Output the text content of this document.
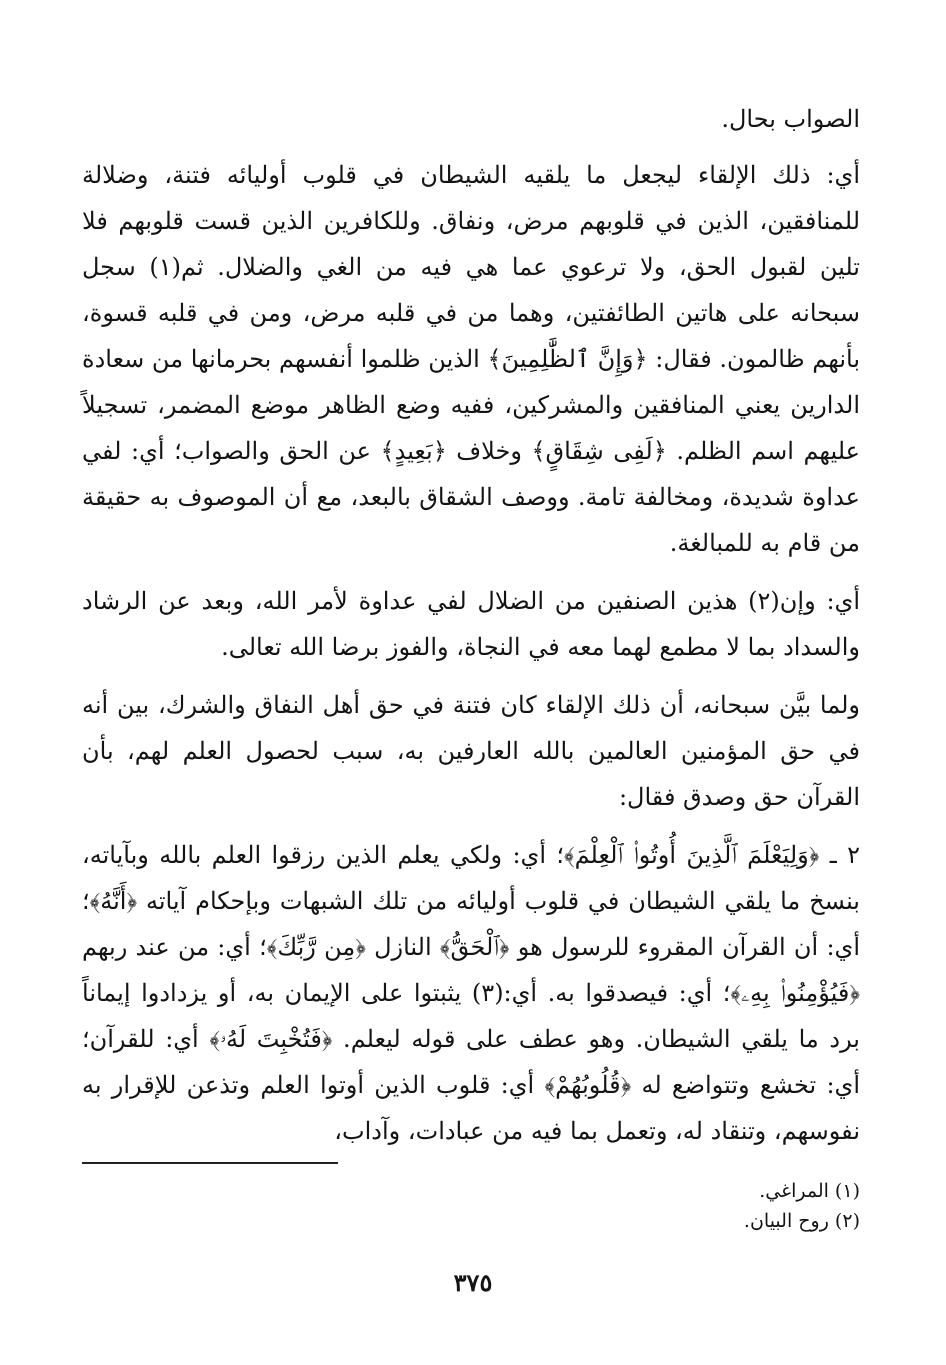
الصواب بحال.

أي: ذلك الإلقاء ليجعل ما يلقيه الشيطان في قلوب أوليائه فتنة، وضلالة للمنافقين، الذين في قلوبهم مرض، ونفاق. وللكافرين الذين قست قلوبهم فلا تلين لقبول الحق، ولا ترعوي عما هي فيه من الغي والضلال. ثم(١) سجل سبحانه على هاتين الطائفتين، وهما من في قلبه مرض، ومن في قلبه قسوة، بأنهم ظالمون. فقال: ﴿وَإِنَّ ٱلظَّٰلِمِينَ﴾ الذين ظلموا أنفسهم بحرمانها من سعادة الدارين يعني المنافقين والمشركين، ففيه وضع الظاهر موضع المضمر، تسجيلاً عليهم اسم الظلم. ﴿لَفِى شِقَاقٍ﴾ وخلاف ﴿بَعِيدٍ﴾ عن الحق والصواب؛ أي: لفي عداوة شديدة، ومخالفة تامة. ووصف الشقاق بالبعد، مع أن الموصوف به حقيقة من قام به للمبالغة.

أي: وإن(٢) هذين الصنفين من الضلال لفي عداوة لأمر الله، وبعد عن الرشاد والسداد بما لا مطمع لهما معه في النجاة، والفوز برضا الله تعالى.

ولما بيَّن سبحانه، أن ذلك الإلقاء كان فتنة في حق أهل النفاق والشرك، بين أنه في حق المؤمنين العالمين بالله العارفين به، سبب لحصول العلم لهم، بأن القرآن حق وصدق فقال:

٢ ـ ﴿وَلِيَعْلَمَ ٱلَّذِينَ أُوتُوا۟ ٱلْعِلْمَ﴾؛ أي: ولكي يعلم الذين رزقوا العلم بالله وبآياته، بنسخ ما يلقي الشيطان في قلوب أوليائه من تلك الشبهات وبإحكام آياته ﴿أَنَّهُ﴾؛ أي: أن القرآن المقروء للرسول هو ﴿ٱلْحَقُّ﴾ النازل ﴿مِن رَّبِّكَ﴾؛ أي: من عند ربهم ﴿فَيُؤْمِنُوا۟ بِهِۦ﴾؛ أي: فيصدقوا به. أي:(٣) يثبتوا على الإيمان به، أو يزدادوا إيماناً برد ما يلقي الشيطان. وهو عطف على قوله ليعلم. ﴿فَتُخْبِتَ لَهُۥ﴾ أي: للقرآن؛ أي: تخشع وتتواضع له ﴿قُلُوبُهُمْ﴾ أي: قلوب الذين أوتوا العلم وتذعن للإقرار به نفوسهم، وتنقاد له، وتعمل بما فيه من عبادات، وآداب،

(١) المراغي.

(٢) روح البيان.

٣٧٥
